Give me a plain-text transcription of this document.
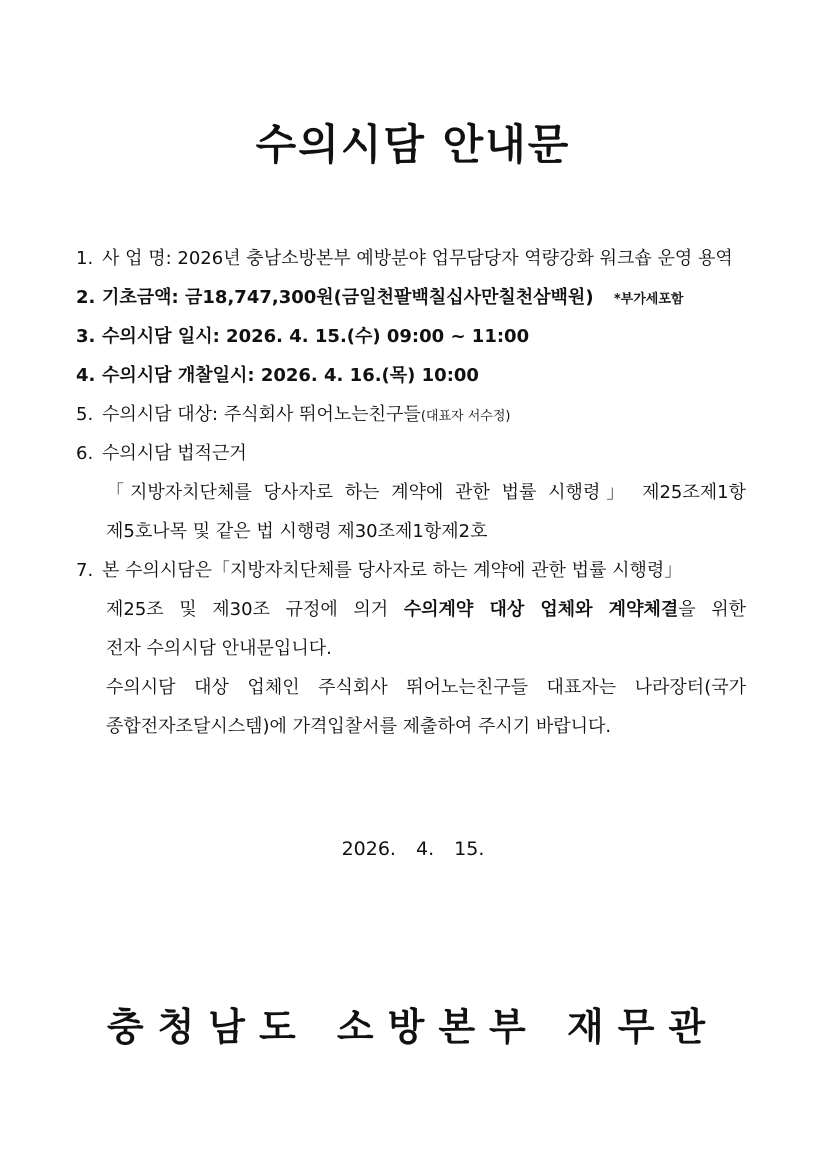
수의시담 안내문
1. 사 업 명: 2026년 충남소방본부 예방분야 업무담당자 역량강화 워크숍 운영 용역
2. 기초금액: 금18,747,300원(금일천팔백칠십사만칠천삼백원) *부가세포함
3. 수의시담 일시: 2026. 4. 15.(수) 09:00 ~ 11:00
4. 수의시담 개찰일시: 2026. 4. 16.(목) 10:00
5. 수의시담 대상: 주식회사 뛰어노는친구들(대표자 서수정)
6. 수의시담 법적근거
「지방자치단체를 당사자로 하는 계약에 관한 법률 시행령」 제25조제1항
제5호나목 및 같은 법 시행령 제30조제1항제2호
7. 본 수의시담은「지방자치단체를 당사자로 하는 계약에 관한 법률 시행령」
제25조 및 제30조 규정에 의거 수의계약 대상 업체와 계약체결을 위한
전자 수의시담 안내문입니다.
수의시담 대상 업체인 주식회사 뛰어노는친구들 대표자는 나라장터(국가
종합전자조달시스템)에 가격입찰서를 제출하여 주시기 바랍니다.
2026. 4. 15.
충청남도 소방본부 재무관
